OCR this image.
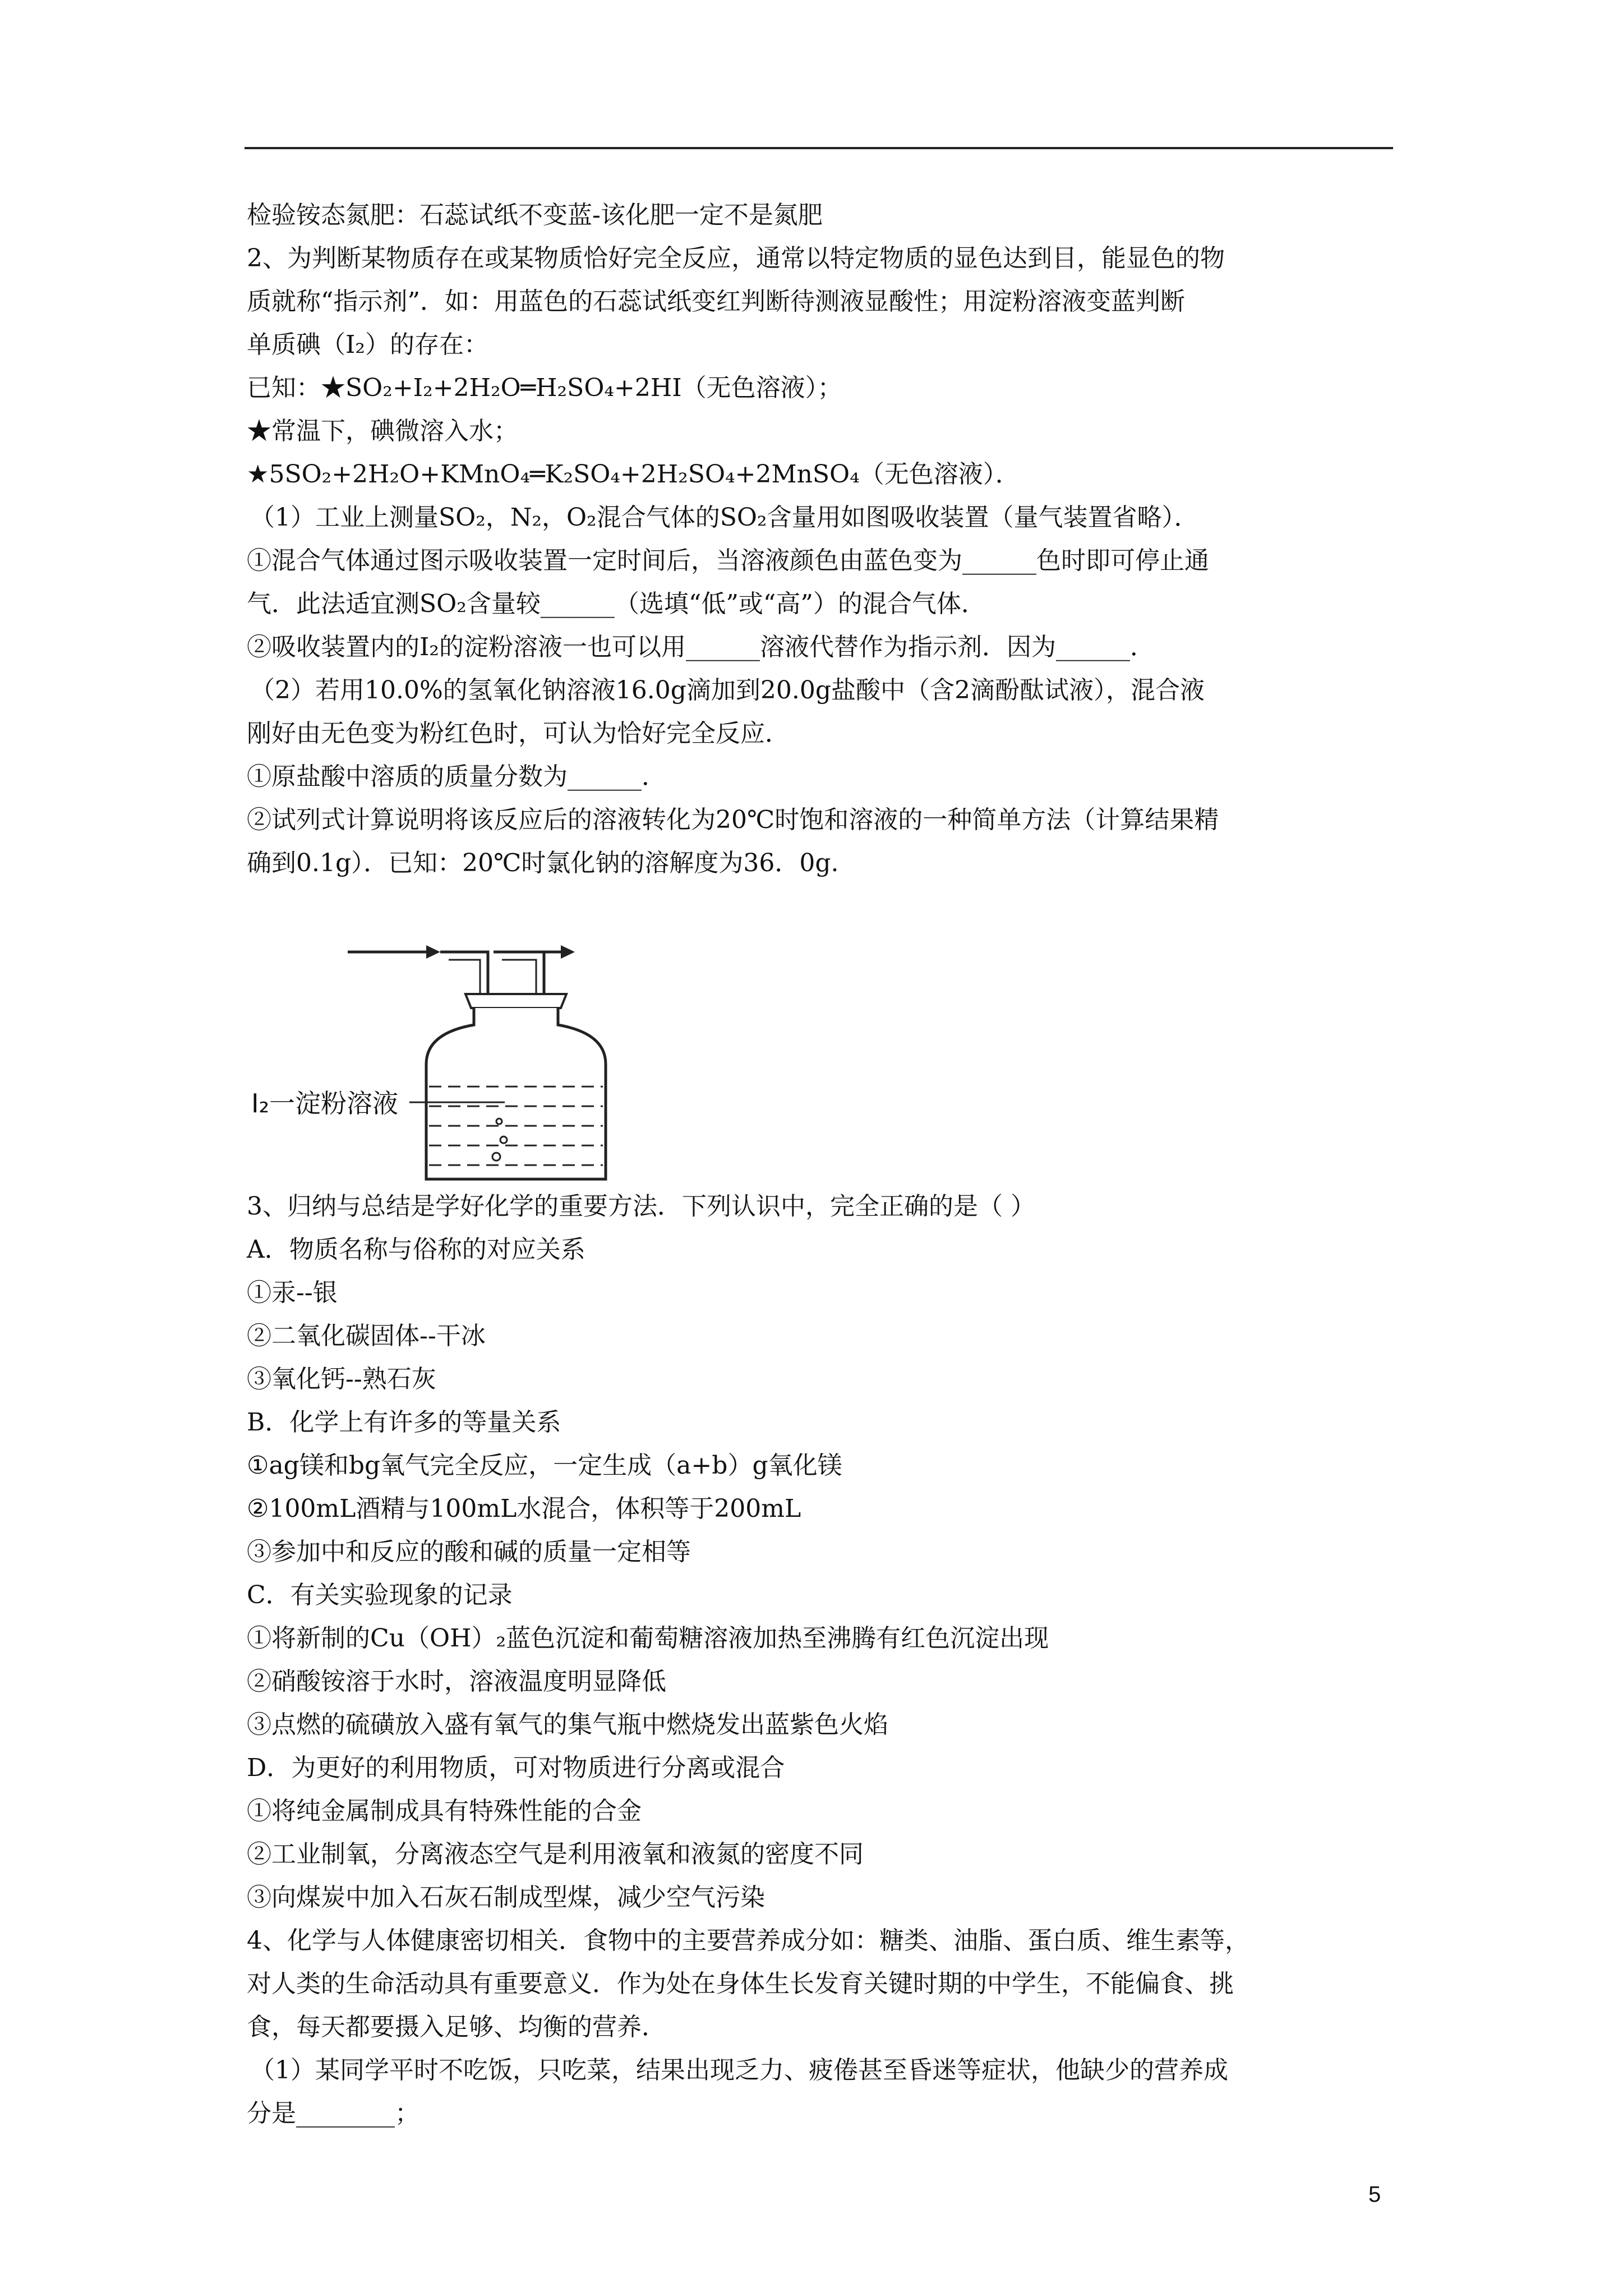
检验铵态氮肥：石蕊试纸不变蓝-该化肥一定不是氮肥
2、为判断某物质存在或某物质恰好完全反应，通常以特定物质的显色达到目，能显色的物
质就称“指示剂”．如：用蓝色的石蕊试纸变红判断待测液显酸性；用淀粉溶液变蓝判断
单质碘（I₂）的存在：
已知：★SO₂+I₂+2H₂O═H₂SO₄+2HI（无色溶液）；
★常温下，碘微溶入水；
★5SO₂+2H₂O+KMnO₄═K₂SO₄+2H₂SO₄+2MnSO₄（无色溶液）．
（1）工业上测量SO₂，N₂，O₂混合气体的SO₂含量用如图吸收装置（量气装置省略）．
①混合气体通过图示吸收装置一定时间后，当溶液颜色由蓝色变为______色时即可停止通
气．此法适宜测SO₂含量较______（选填“低”或“高”）的混合气体．
②吸收装置内的I₂的淀粉溶液一也可以用______溶液代替作为指示剂．因为______．
（2）若用10.0%的氢氧化钠溶液16.0g滴加到20.0g盐酸中（含2滴酚酞试液），混合液
刚好由无色变为粉红色时，可认为恰好完全反应．
①原盐酸中溶质的质量分数为______．
②试列式计算说明将该反应后的溶液转化为20℃时饱和溶液的一种简单方法（计算结果精
确到0.1g）．已知：20℃时氯化钠的溶解度为36．0g.
I₂一淀粉溶液
3、归纳与总结是学好化学的重要方法．下列认识中，完全正确的是（ ）
A．物质名称与俗称的对应关系
①汞--银
②二氧化碳固体--干冰
③氧化钙--熟石灰
B．化学上有许多的等量关系
①ag镁和bg氧气完全反应，一定生成（a+b）g氧化镁
②100mL酒精与100mL水混合，体积等于200mL
③参加中和反应的酸和碱的质量一定相等
C．有关实验现象的记录
①将新制的Cu（OH）₂蓝色沉淀和葡萄糖溶液加热至沸腾有红色沉淀出现
②硝酸铵溶于水时，溶液温度明显降低
③点燃的硫磺放入盛有氧气的集气瓶中燃烧发出蓝紫色火焰
D．为更好的利用物质，可对物质进行分离或混合
①将纯金属制成具有特殊性能的合金
②工业制氧，分离液态空气是利用液氧和液氮的密度不同
③向煤炭中加入石灰石制成型煤，减少空气污染
4、化学与人体健康密切相关．食物中的主要营养成分如：糖类、油脂、蛋白质、维生素等，
对人类的生命活动具有重要意义．作为处在身体生长发育关键时期的中学生，不能偏食、挑
食，每天都要摄入足够、均衡的营养．
（1）某同学平时不吃饭，只吃菜，结果出现乏力、疲倦甚至昏迷等症状，他缺少的营养成
分是________；
5
